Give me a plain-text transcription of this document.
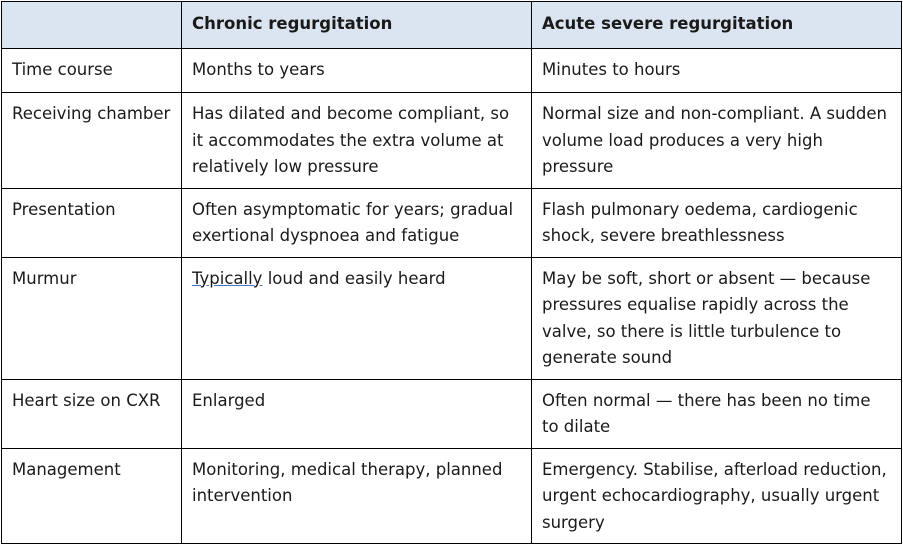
	Chronic regurgitation	Acute severe regurgitation
Time course	Months to years	Minutes to hours
Receiving chamber	Has dilated and become compliant, so it accommodates the extra volume at relatively low pressure	Normal size and non-compliant. A sudden volume load produces a very high pressure
Presentation	Often asymptomatic for years; gradual exertional dyspnoea and fatigue	Flash pulmonary oedema, cardiogenic shock, severe breathlessness
Murmur	Typically loud and easily heard	May be soft, short or absent — because pressures equalise rapidly across the valve, so there is little turbulence to generate sound
Heart size on CXR	Enlarged	Often normal — there has been no time to dilate
Management	Monitoring, medical therapy, planned intervention	Emergency. Stabilise, afterload reduction, urgent echocardiography, usually urgent surgery
